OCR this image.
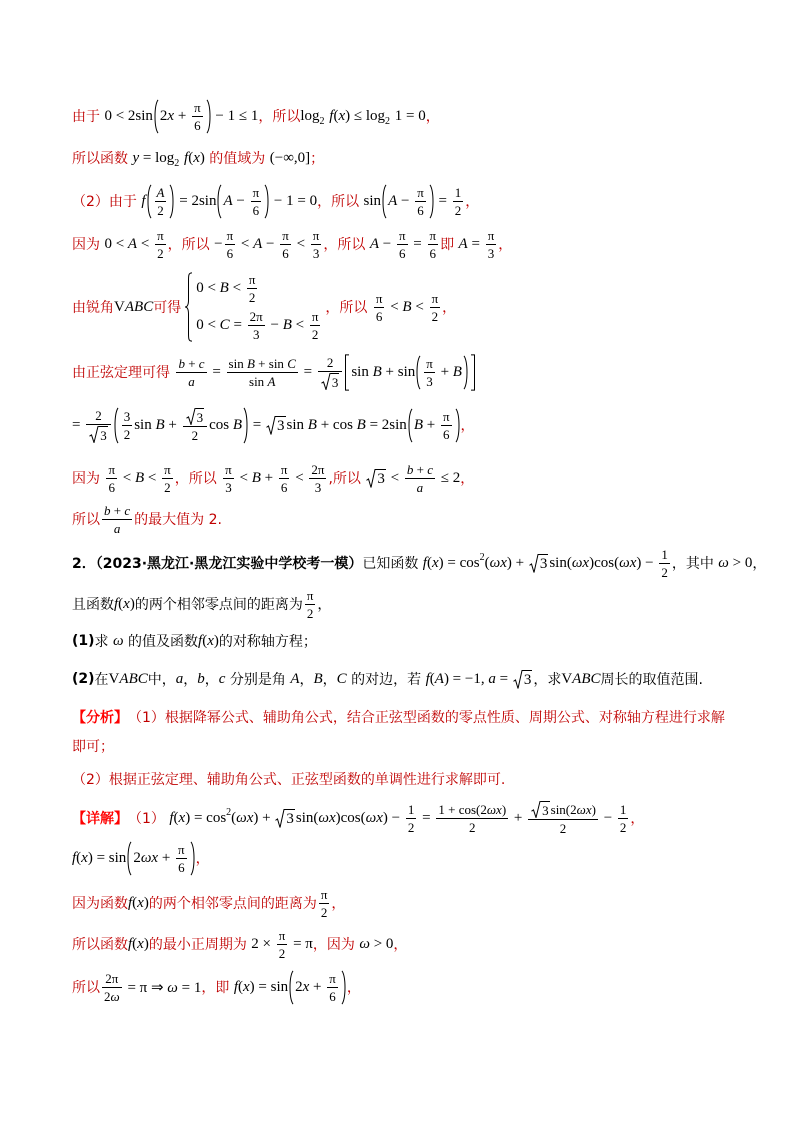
由于 0 < 2sin $2x + \frac{\pi}{6} - 1 \le 1$ ，所以 log 2 f(x) ≤ log 2 1 = 0 ，
所以函数 y = log 2 f(x) 的值域为 (−∞,0] ；
（2）由于 f $\frac{A}{2} = 2\sin$ $A - \frac{\pi}{6} - 1 = 0$ ，所以 $\sin A - \frac{\pi}{6} = \frac{1}{2}$ ，
因为 $0 < A < \frac{\pi}{2}$ ，所以 − $\frac{\pi}{6} < A - \frac{\pi}{6} < \frac{\pi}{3}$ ，所以 $A - \frac{\pi}{6} = \frac{\pi}{6}$ 即 $A = \frac{\pi}{3}$ ，
由锐角 VABC 可得
$0 < B < \frac{\pi}{2}$
$0 < C = \frac{2\pi}{3} - B < \frac{\pi}{2}$
，所以 $\frac{\pi}{6} < B < \frac{\pi}{2}$ ，
由正弦定理可得 $\frac{b + c}{a} = \frac{\text{sin B + sin C}}{\text{sin A}} = \frac{2}{3}$ $\sin B + \sin \frac{\pi}{3} + B$
= $\frac{2}{3} \frac{3}{2}$ $\sin B + \frac{3}{2}$ cos B = 3 sin B + cos B = 2sin $B + \frac{\pi}{6}$ ，
因为 $\frac{\pi}{6} < B < \frac{\pi}{2}$ ，所以 $\frac{\pi}{3} < B + \frac{\pi}{6} < \frac{2\pi}{3}$ ,所以 $3 < \frac{b + c}{a} \le 2$ ，
所以 $\frac{b + c}{a}$ 的最大值为 2.
2．（2023·黑龙江·黑龙江实验中学校考一模） 已知函数 f(x) = cos 2 (ωx) + 3 $\sin(\omega x)\cos(\omega x) - \frac{1}{2}$ ，其中 ω > 0 ，
且函数 f(x) 的两个相邻零点间的距离为 $\frac{\pi}{2}$ ，
(1) 求 ω 的值及函数 f(x) 的对称轴方程；
(2) 在 VABC 中， a ， b ， c 分别是角 A ， B ， C 的对边，若 f(A) = −1, a = 3 ，求 VABC 周长的取值范围.
【分析】 （1）根据降幂公式、辅助角公式，结合正弦型函数的零点性质、周期公式、对称轴方程进行求解
即可；
（2）根据正弦定理、辅助角公式、正弦型函数的单调性进行求解即可.
【详解】 （1） f(x) = cos 2 (ωx) + 3 $\sin(\omega x)\cos(\omega x) - \frac{1}{2} = \frac{1 + \cos(2\omega x)}{2} + \frac{3 \sin(2\omega x)}{2} - \frac{1}{2}$ ，
$f(x) = \sin 2\omega x + \frac{\pi}{6}$ ，
因为函数 f(x) 的两个相邻零点间的距离为 $\frac{\pi}{2}$ ，
所以函数 f(x) 的最小正周期为 $2 \times \frac{\pi}{2} = \pi$ ，因为 ω > 0 ，
所以 $\frac{2\pi}{2\omega} = \pi$ ⇒ ω = 1 ，即 $f(x) = \sin 2x + \frac{\pi}{6}$ ，
